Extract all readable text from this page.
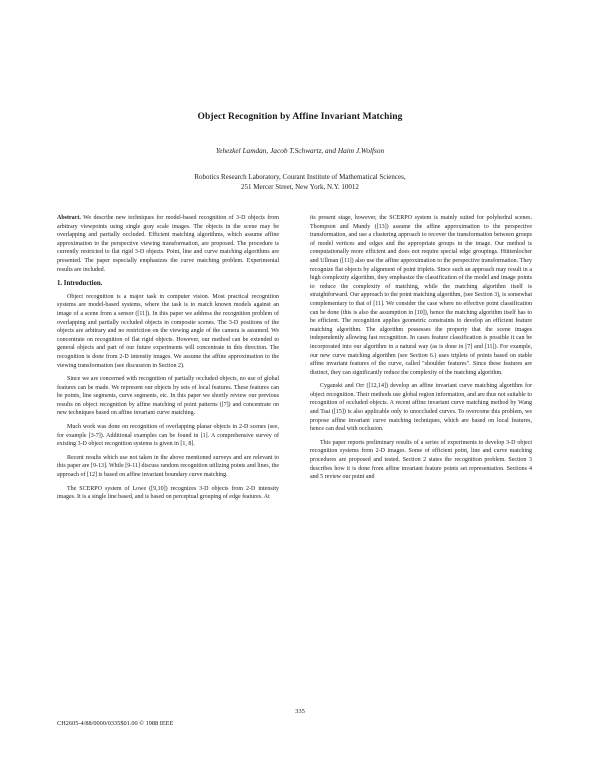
Object Recognition by Affine Invariant Matching
Yehezkel Lamdan, Jacob T.Schwartz, and Haim J.Wolfson
Robotics Research Laboratory, Courant Institute of Mathematical Sciences,
251 Mercer Street, New York, N.Y. 10012

Abstract. We describe new techniques for model-based recognition of 3-D objects from arbitrary viewpoints using single gray scale images. The objects in the scene may be overlapping and partially occluded. Efficient matching algorithms, which assume affine approximation to the perspective viewing transformation, are proposed. The procedure is currently restricted to flat rigid 3-D objects. Point, line and curve matching algorithms are presented. The paper especially emphasizes the curve matching problem. Experimental results are included.

1. Introduction.

Object recognition is a major task in computer vision. Most practical recognition systems are model-based systems, where the task is to match known models against an image of a scene from a sensor ([11]). In this paper we address the recognition problem of overlapping and partially occluded objects in composite scenes. The 3-D positions of the objects are arbitrary and no restriction on the viewing angle of the camera is assumed. We concentrate on recognition of flat rigid objects. However, our method can be extended to general objects and part of our future experiments will concentrate in this direction. The recognition is done from 2-D intensity images. We assume the affine approximation to the viewing transformation (see discussion in Section 2).

Since we are concerned with recognition of partially occluded objects, no use of global features can be made. We represent our objects by sets of local features. These features can be points, line segments, curve segments, etc. In this paper we shortly review our previous results on object recognition by affine matching of point patterns ([7]) and concentrate on new techniques based on affine invariant curve matching.

Much work was done on recognition of overlapping planar objects in 2-D scenes (see, for example [3-7]). Additional examples can be found in [1]. A comprehensive survey of existing 3-D object recognition systems is given in [1, 8].

Recent results which use not taken in the above mentioned surveys and are relevant to this paper are [9-13]. While [9-11] discuss random recognition utilizing points and lines, the approach of [12] is based on affine invariant boundary curve matching.

The SCERPO system of Lowe ([9,10]) recognizes 3-D objects from 2-D intensity images. It is a single line based, and is based on perceptual grouping of edge features. At

its present stage, however, the SCERPO system is mainly suited for polyhedral scenes. Thompson and Mundy ([13]) assume the affine approximation to the perspective transformation, and use a clustering approach to recover the transformation between groups of model vertices and edges and the appropriate groups in the image. Our method is computationally more efficient and does not require special edge groupings. Hüttenlocher and Ullman ([11]) also use the affine approximation to the perspective transformation. They recognize flat objects by alignment of point triplets. Since such an approach may result in a high complexity algorithm, they emphasize the classification of the model and image points to reduce the complexity of matching, while the matching algorithm itself is straightforward. Our approach to the point matching algorithm, (see Section 3), is somewhat complementary to that of [11]. We consider the case where no effective point classification can be done (this is also the assumption in [10]), hence the matching algorithm itself has to be efficient. The recognition applies geometric constraints to develop an efficient feature matching algorithm. The algorithm possesses the property that the scene images independently allowing fast recognition. In cases feature classification is possible it can be incorporated into our algorithm in a natural way (as is done in [7] and [11]). For example, our new curve matching algorithm (see Section 6.) uses triplets of points based on stable affine invariant features of the curve, called "shoulder features". Since these features are distinct, they can significantly reduce the complexity of the matching algorithm.

Cyganski and Orr ([12,14]) develop an affine invariant curve matching algorithm for object recognition. Their methods use global region information, and are thus not suitable to recognition of occluded objects. A recent affine invariant curve matching method by Wang and Tsai ([15]) is also applicable only to unoccluded curves. To overcome this problem, we propose affine invariant curve matching techniques, which are based on local features, hence can deal with occlusion.

This paper reports preliminary results of a series of experiments to develop 3-D object recognition systems from 2-D images. Some of efficient point, line and curve matching procedures are proposed and tested. Section 2 states the recognition problem. Section 3 describes how it is done from affine invariant feature points set representation. Sections 4 and 5 review our point and

335
CH2605-4/88/0000/0335$01.00 © 1988 IEEE
